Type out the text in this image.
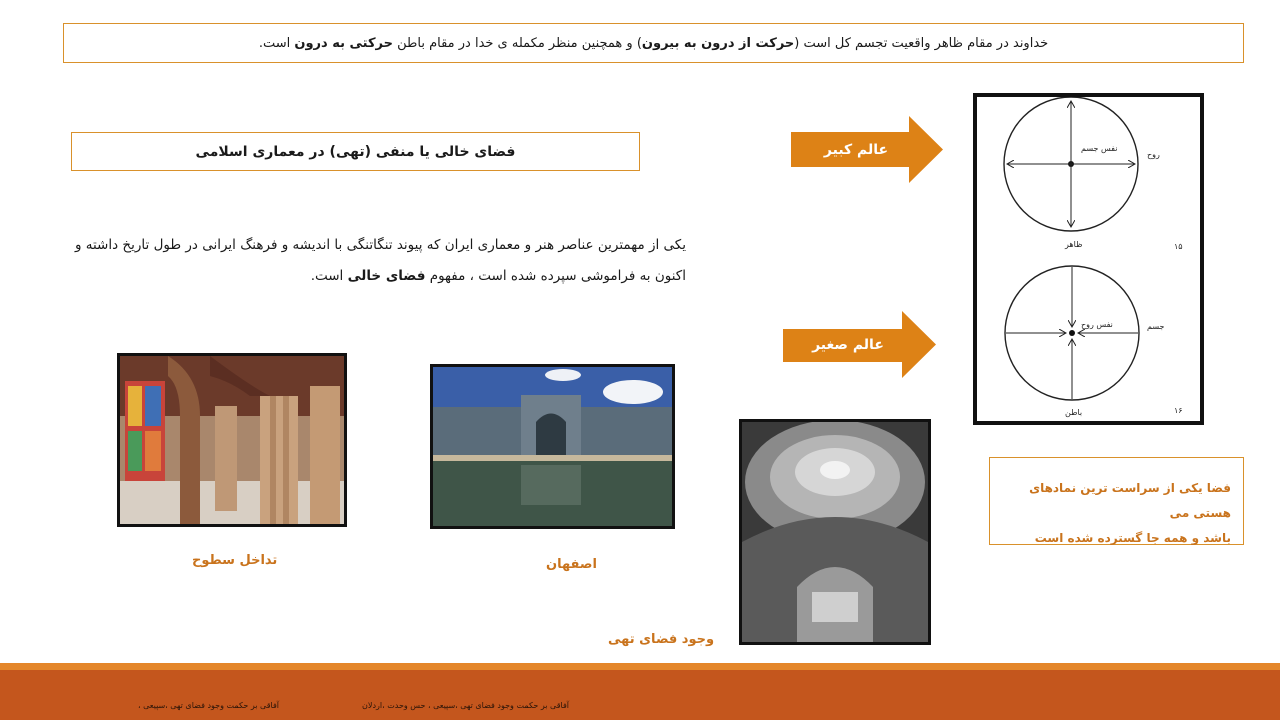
خداوند در مقام ظاهر واقعیت تجسم کل است (حرکت از درون به بیرون) و همچنین منظر مکمله ی خدا در مقام باطن حرکتی به درون است.
فضای خالی یا منفی (تهی) در معماری اسلامی
یکی از مهمترین عناصر هنر و معماری ایران که پیوند تنگاتنگی با اندیشه و فرهنگ ایرانی در طول تاریخ داشته و
اکنون به فراموشی سپرده شده است ، مفهوم فضای خالی است.
عالم کبیر
عالم صغیر
روح
نفس جسم
ظاهر	۱۵
جسم
نفس روح
باطن	۱۶
فضا یکی از سراست ترین نمادهای هستی می
باشد و همه جا گسترده شده است
تداخل سطوح	اصفهان
وجود فضای تهی
آفاقی بر حکمت وجود فضای تهی ،سپیعی ،	آفاقی بر حکمت وجود فضای تهی ،سپیعی ، حس وحدت ،اردلان
